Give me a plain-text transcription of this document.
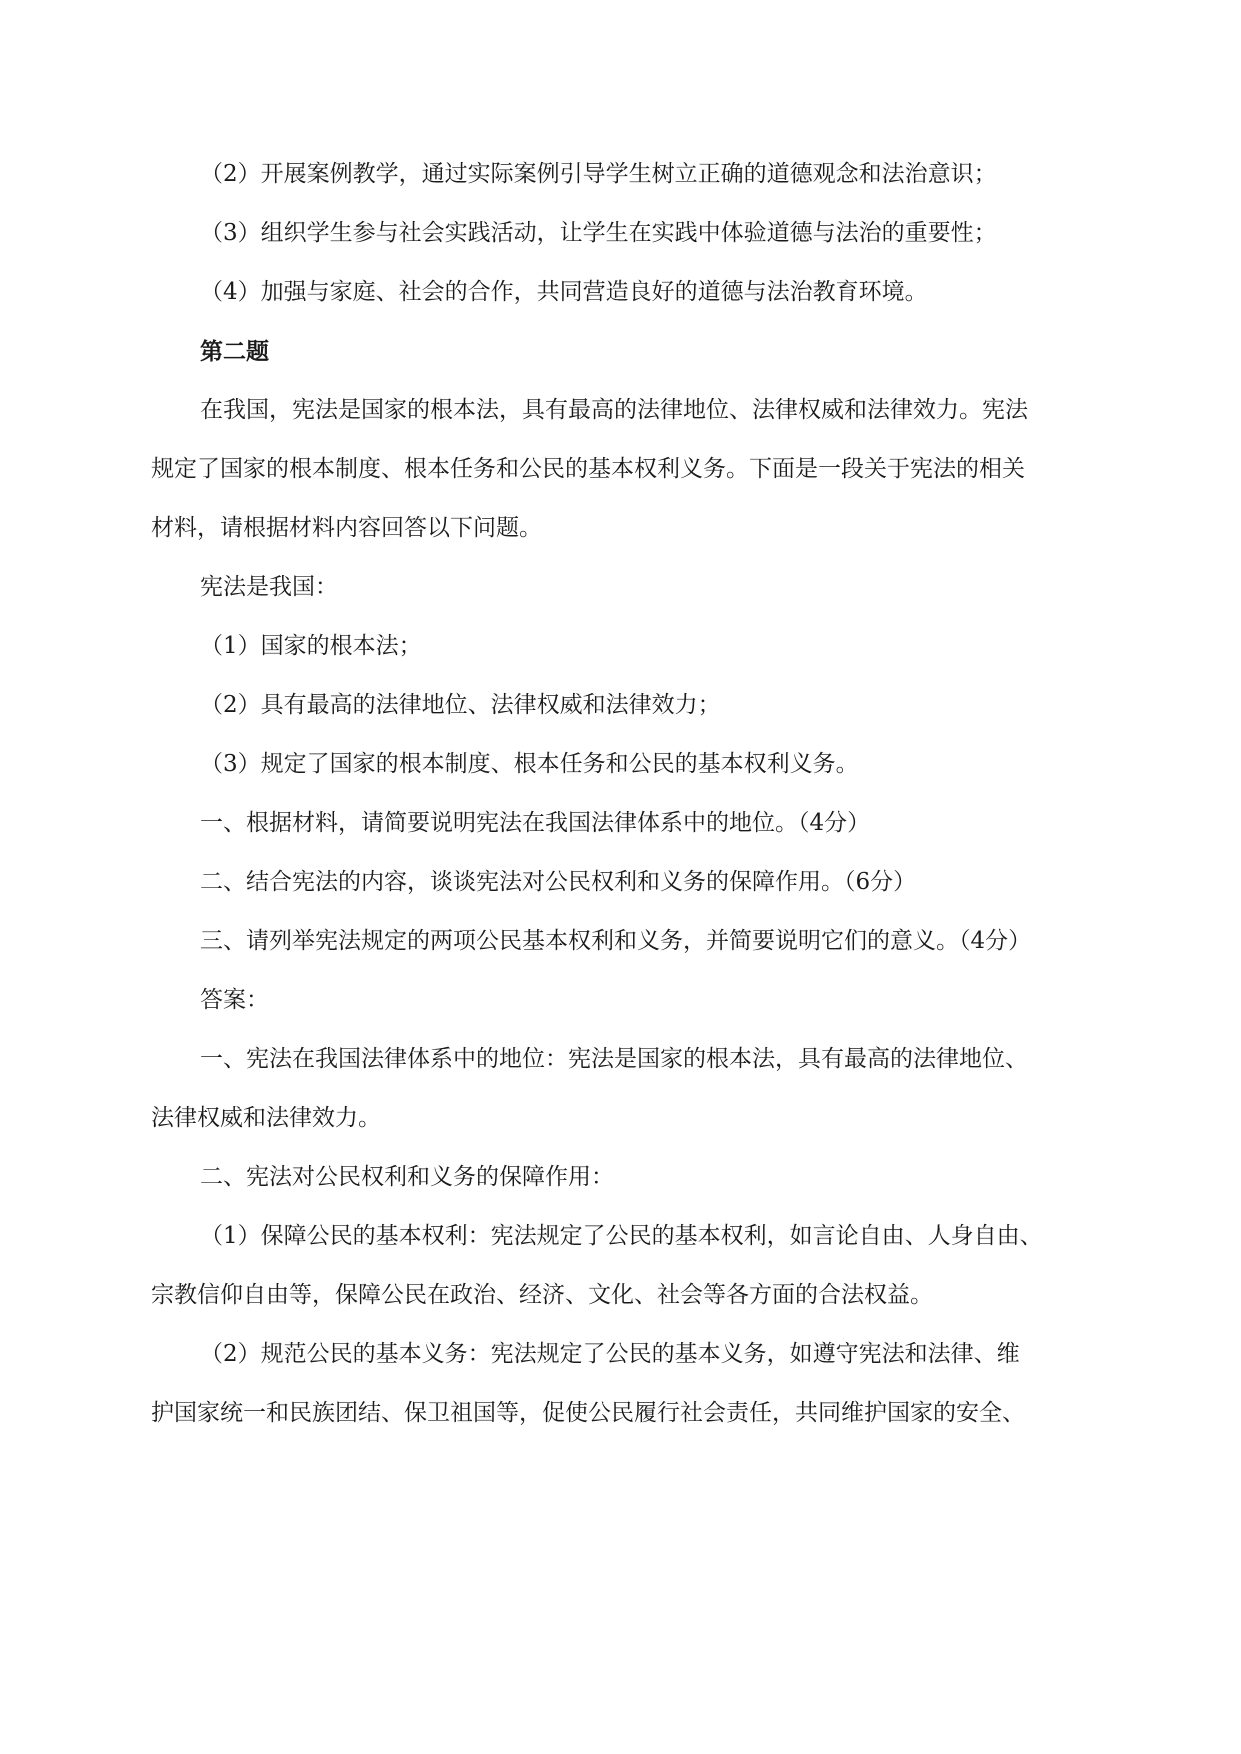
（2）开展案例教学，通过实际案例引导学生树立正确的道德观念和法治意识；

（3）组织学生参与社会实践活动，让学生在实践中体验道德与法治的重要性；

（4）加强与家庭、社会的合作，共同营造良好的道德与法治教育环境。

第二题

在我国，宪法是国家的根本法，具有最高的法律地位、法律权威和法律效力。宪法

规定了国家的根本制度、根本任务和公民的基本权利义务。下面是一段关于宪法的相关

材料，请根据材料内容回答以下问题。

宪法是我国：

（1）国家的根本法；

（2）具有最高的法律地位、法律权威和法律效力；

（3）规定了国家的根本制度、根本任务和公民的基本权利义务。

一、根据材料，请简要说明宪法在我国法律体系中的地位。（4分）

二、结合宪法的内容，谈谈宪法对公民权利和义务的保障作用。（6分）

三、请列举宪法规定的两项公民基本权利和义务，并简要说明它们的意义。（4分）

答案：

一、宪法在我国法律体系中的地位：宪法是国家的根本法，具有最高的法律地位、

法律权威和法律效力。

二、宪法对公民权利和义务的保障作用：

（1）保障公民的基本权利：宪法规定了公民的基本权利，如言论自由、人身自由、

宗教信仰自由等，保障公民在政治、经济、文化、社会等各方面的合法权益。

（2）规范公民的基本义务：宪法规定了公民的基本义务，如遵守宪法和法律、维

护国家统一和民族团结、保卫祖国等，促使公民履行社会责任，共同维护国家的安全、
